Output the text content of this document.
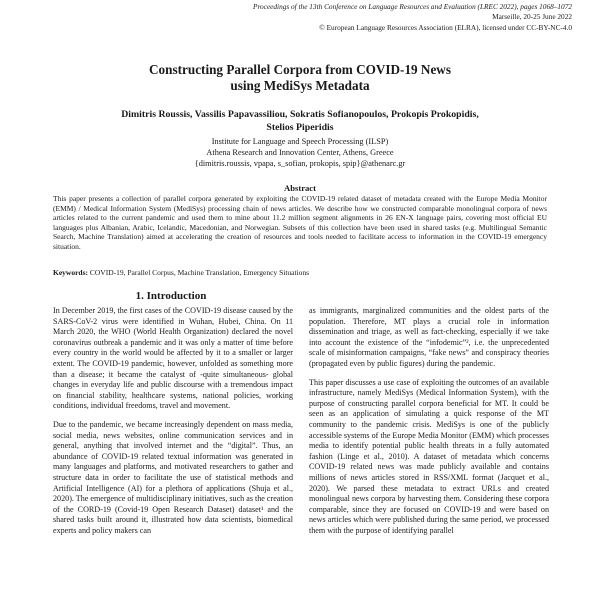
Proceedings of the 13th Conference on Language Resources and Evaluation (LREC 2022), pages 1068–1072
Marseille, 20-25 June 2022
© European Language Resources Association (ELRA), licensed under CC-BY-NC-4.0
Constructing Parallel Corpora from COVID-19 News
using MediSys Metadata
Dimitris Roussis, Vassilis Papavassiliou, Sokratis Sofianopoulos, Prokopis Prokopidis,
Stelios Piperidis
Institute for Language and Speech Processing (ILSP)
Athena Research and Innovation Center, Athens, Greece
{dimitris.roussis, vpapa, s_sofian, prokopis, spip}@athenarc.gr
Abstract
This paper presents a collection of parallel corpora generated by exploiting the COVID-19 related dataset of metadata created with the Europe Media Monitor (EMM) / Medical Information System (MediSys) processing chain of news articles. We describe how we constructed comparable monolingual corpora of news articles related to the current pandemic and used them to mine about 11.2 million segment alignments in 26 EN-X language pairs, covering most official EU languages plus Albanian, Arabic, Icelandic, Macedonian, and Norwegian. Subsets of this collection have been used in shared tasks (e.g. Multilingual Semantic Search, Machine Translation) aimed at accelerating the creation of resources and tools needed to facilitate access to information in the COVID-19 emergency situation.
Keywords: COVID-19, Parallel Corpus, Machine Translation, Emergency Situations
1. Introduction

In December 2019, the first cases of the COVID-19 disease caused by the SARS-CoV-2 virus were identified in Wuhan, Hubei, China. On 11 March 2020, the WHO (World Health Organization) declared the novel coronavirus outbreak a pandemic and it was only a matter of time before every country in the world would be affected by it to a smaller or larger extent. The COVID-19 pandemic, however, unfolded as something more than a disease; it became the catalyst of -quite simultaneous- global changes in everyday life and public discourse with a tremendous impact on financial stability, healthcare systems, national policies, working conditions, individual freedoms, travel and movement.

Due to the pandemic, we became increasingly dependent on mass media, social media, news websites, online communication services and in general, anything that involved internet and the “digital”. Thus, an abundance of COVID-19 related textual information was generated in many languages and platforms, and motivated researchers to gather and structure data in order to facilitate the use of statistical methods and Artificial Intelligence (AI) for a plethora of applications (Shuja et al., 2020). The emergence of multidisciplinary initiatives, such as the creation of the CORD-19 (Covid-19 Open Research Dataset) dataset¹ and the shared tasks built around it, illustrated how data scientists, biomedical experts and policy makers can

as immigrants, marginalized communities and the oldest parts of the population. Therefore, MT plays a crucial role in information dissemination and triage, as well as fact-checking, especially if we take into account the existence of the “infodemic”², i.e. the unprecedented scale of misinformation campaigns, “fake news” and conspiracy theories (propagated even by public figures) during the pandemic.

This paper discusses a use case of exploiting the outcomes of an available infrastructure, namely MediSys (Medical Information System), with the purpose of constructing parallel corpora beneficial for MT. It could be seen as an application of simulating a quick response of the MT community to the pandemic crisis. MediSys is one of the publicly accessible systems of the Europe Media Monitor (EMM) which processes media to identify potential public health threats in a fully automated fashion (Linge et al., 2010). A dataset of metadata which concerns COVID-19 related news was made publicly available and contains millions of news articles stored in RSS/XML format (Jacquet et al., 2020). We parsed these metadata to extract URLs and created monolingual news corpora by harvesting them. Considering these corpora comparable, since they are focused on COVID-19 and were based on news articles which were published during the same period, we processed them with the purpose of identifying parallel
